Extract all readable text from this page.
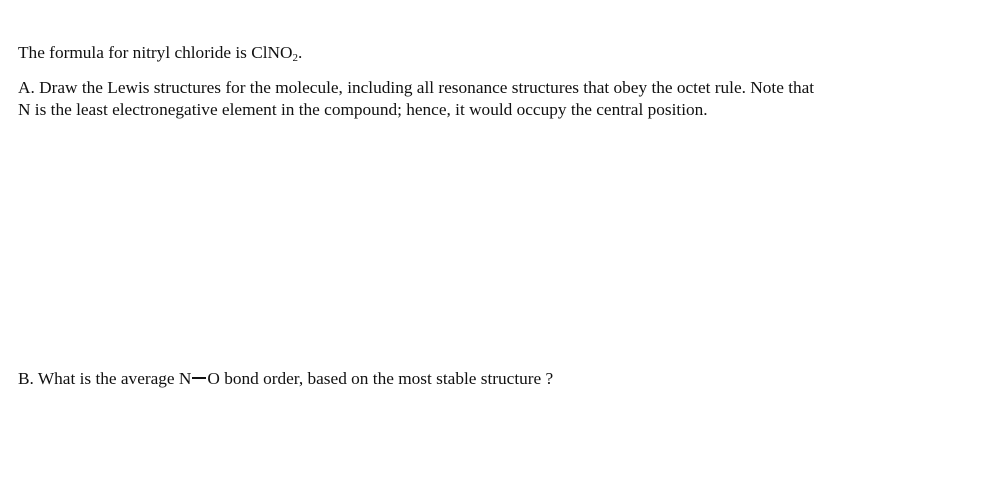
The formula for nitryl chloride is ClNO$_2$.
A. Draw the Lewis structures for the molecule, including all resonance structures that obey the octet rule. Note that
N is the least electronegative element in the compound; hence, it would occupy the central position.
B. What is the average N O bond order, based on the most stable structure ?
